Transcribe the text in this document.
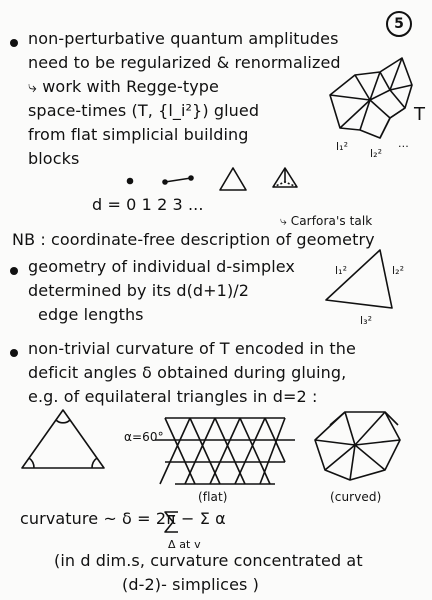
5
non-perturbative quantum amplitudes
need to be regularized & renormalized
⤷ work with Regge-type
space-times (T, {l_i²}) glued
from flat simplicial building
blocks
T
l₁²
l₂²
...
d = 0 1 2 3 ...
⤷ Carfora's talk
NB : coordinate-free description of geometry
geometry of individual d-simplex
determined by its d(d+1)/2
edge lengths
l₁²	l₂²
l₃²
non-trivial curvature of T encoded in the
deficit angles δ obtained during gluing,
e.g. of equilateral triangles in d=2 :
α=60°
(flat)	(curved)
curvature ~ δ = 2π − Σ α
Δ at v
(in d dim.s, curvature concentrated at
(d-2)- simplices )
